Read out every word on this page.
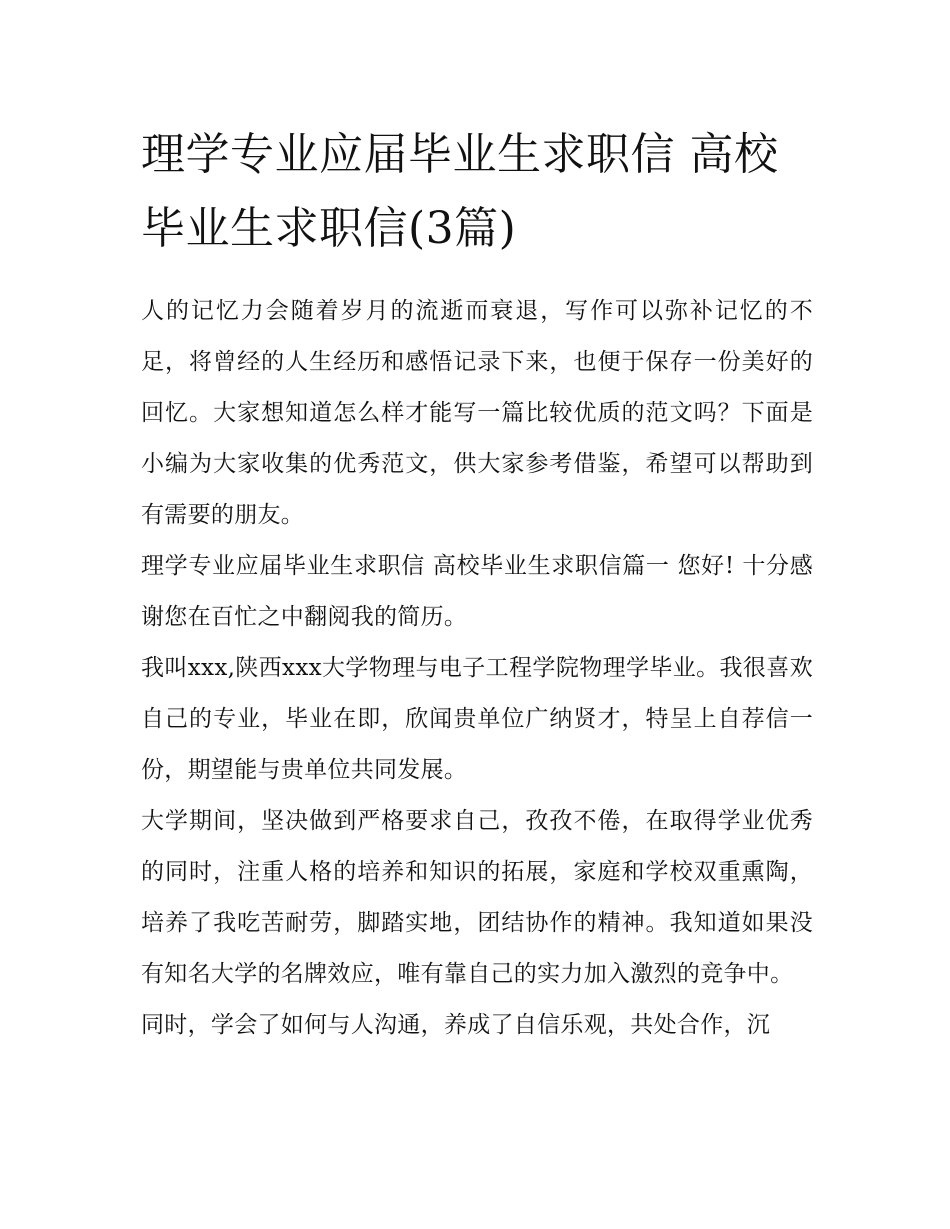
理学专业应届毕业生求职信 高校毕业生求职信(3篇)

人的记忆力会随着岁月的流逝而衰退，写作可以弥补记忆的不足，将曾经的人生经历和感悟记录下来，也便于保存一份美好的回忆。大家想知道怎么样才能写一篇比较优质的范文吗？下面是小编为大家收集的优秀范文，供大家参考借鉴，希望可以帮助到有需要的朋友。

理学专业应届毕业生求职信 高校毕业生求职信篇一 您好! 十分感谢您在百忙之中翻阅我的简历。

我叫xxx,陕西xxx大学物理与电子工程学院物理学毕业。我很喜欢自己的专业，毕业在即，欣闻贵单位广纳贤才，特呈上自荐信一份，期望能与贵单位共同发展。

大学期间，坚决做到严格要求自己，孜孜不倦，在取得学业优秀的同时，注重人格的培养和知识的拓展，家庭和学校双重熏陶，培养了我吃苦耐劳，脚踏实地，团结协作的精神。我知道如果没有知名大学的名牌效应，唯有靠自己的实力加入激烈的竞争中。

同时，学会了如何与人沟通，养成了自信乐观，共处合作，沉
